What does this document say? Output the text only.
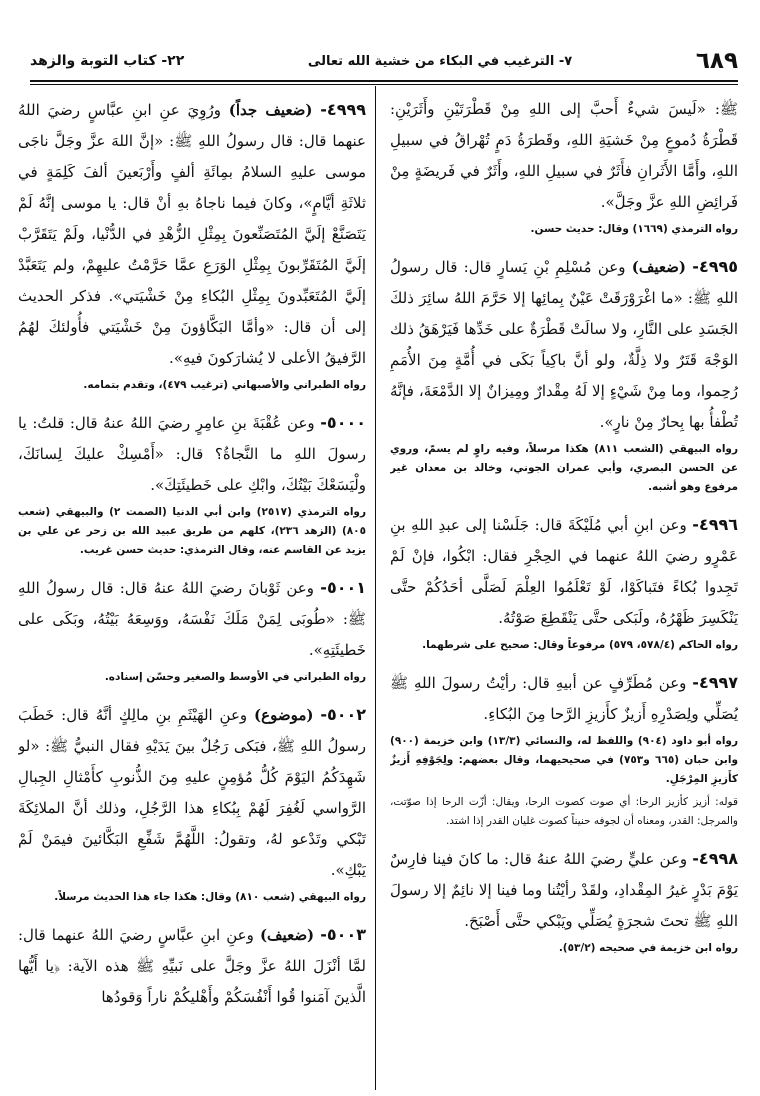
٦٨٩
٧- الترغيب في البكاء من خشية الله تعالى
٢٢- كتاب التوبة والزهد

ﷺ: «لَيسَ شيءٌ أَحبَّ إلى اللهِ مِنْ قَطْرَتَيْنِ وأَثَرَيْنِ: قَطْرَةُ دُموعٍ مِنْ خَشيَةِ اللهِ، وقَطرَةُ دَمٍ تُهْراقُ في سبيلِ اللهِ، وأَمَّا الأَثَرانِ فأَثَرٌ في سبيلِ اللهِ، وأَثَرٌ في فَريضَةٍ مِنْ فَرائِضِ اللهِ عزَّ وجَلَّ».

رواه الترمذي (١٦٦٩) وقال: حديث حسن.

٤٩٩٥- (ضعيف) وعن مُسْلِمِ بْنِ يَسارٍ قال: قال رسولُ اللهِ ﷺ: «ما اغْرَوْرَقَتْ عَيْنٌ بِمائِها إلا حَرَّمَ اللهُ سائِرَ ذلكَ الجَسَدِ على النَّارِ، ولا سالَتْ قَطْرَةٌ على خَدِّها فَيَرْهَقُ ذلك الوَجْهَ قَتَرٌ ولا ذِلَّةٌ، ولو أنَّ باكِياً بَكَى في أُمَّةٍ مِنَ الأُمَمِ رُحِموا، وما مِنْ شَيْءٍ إلا لَهُ مِقْدارٌ ومِيزانٌ إلا الدَّمْعَةَ، فإنَّهُ تُطْفأُ بها بِحارٌ مِنْ نارٍ».

رواه البيهقي (الشعب ٨١١) هكذا مرسلاً، وفيه راوٍ لم يسمّ، وروي عن الحسن البصري، وأبي عمران الجوني، وخالد بن معدان غير مرفوع وهو أشبه.

٤٩٩٦- وعن ابنِ أبي مُلَيْكَةَ قال: جَلَسْنا إلى عبدِ اللهِ بنِ عَمْرٍو رضيَ اللهُ عنهما في الحِجْرِ فقال: ابْكُوا، فإنْ لَمْ تَجِدوا بُكاءً فتَباكَوْا، لَوْ تَعْلَمُوا العِلْمَ لَصَلَّى أحَدُكُمْ حتَّى يَنْكَسِرَ ظَهْرُهُ، ولَبَكى حتَّى يَنْقَطِعَ صَوْتُهُ.

رواه الحاكم (٥٧٨/٤، ٥٧٩) مرفوعاً وقال: صحيح على شرطهما.

٤٩٩٧- وعن مُطَرِّفٍ عن أبيهِ قال: رأيْتُ رسولَ اللهِ ﷺ يُصَلِّي ولِصَدْرِهِ أَزيزٌ كأَزيزِ الرَّحا مِنَ البُكاءِ.

رواه أبو داود (٩٠٤) واللفظ له، والنسائي (١٣/٣) وابن خزيمة (٩٠٠) وابن حبان (٦٦٥ و٧٥٣) في صحيحيهما، وقال بعضهم: ولِجَوْفِهِ أَزيزٌ كأَزيزِ المِرْجَلِ.

قوله: أزيز كأزيز الرحا: أي صوت كصوت الرحا، ويقال: أزّت الرحا إذا صوّتت، والمرجل: القدر، ومعناه أن لجوفه حنيناً كصوت غليان القدر إذا اشتد.

٤٩٩٨- وعن عليٍّ رضيَ اللهُ عنهُ قال: ما كانَ فينا فارِسٌ يَوْمَ بَدْرٍ غيرُ المِقْدادِ، ولقَدْ رأيْتُنا وما فينا إلا نائِمٌ إلا رسولَ اللهِ ﷺ تحتَ شجرَةٍ يُصَلِّي ويَبْكي حتَّى أَصْبَحَ.

رواه ابن خزيمة في صحيحه (٥٣/٢).

٤٩٩٩- (ضعيف جداً) ورُوِيَ عنِ ابنِ عبَّاسٍ رضيَ اللهُ عنهما قال: قال رسولُ اللهِ ﷺ: «إنَّ اللهَ عزَّ وجَلَّ ناجَى موسى عليهِ السلامُ بمِائَةِ ألفٍ وأَرْبَعينَ ألفَ كَلِمَةٍ في ثلاثَةِ أيَّامٍ»، وكانَ فيما ناجاهُ بهِ أنْ قال: يا موسى إنَّهُ لَمْ يَتَصَنَّعْ إلَيَّ المُتَصَنِّعونَ بِمِثْلِ الزُّهْدِ في الدُّنْيا، ولَمْ يَتَقَرَّبْ إلَيَّ المُتَقَرِّبونَ بِمِثْلِ الوَرَعِ عمَّا حَرَّمْتُ عليهِمْ، ولم يَتَعَبَّدْ إلَيَّ المُتَعَبِّدونَ بِمِثْلِ البُكاءِ مِنْ خَشْيَتي». فذكر الحديث إلى أن قال: «وأمَّا البَكَّاؤونَ مِنْ خَشْيَتي فأُولئكَ لهُمُ الرَّفيقُ الأعلى لا يُشارَكونَ فيهِ».

رواه الطبراني والأصبهاني (ترغيب ٤٧٩)، وتقدم بتمامه.

٥٠٠٠- وعن عُقْبَةَ بنِ عامِرٍ رضيَ اللهُ عنهُ قال: قلتُ: يا رسولَ اللهِ ما النَّجاةُ؟ قال: «أَمْسِكْ عليكَ لِسانَكَ، ولْيَسَعْكَ بَيْتُكَ، وابْكِ على خَطيئَتِكَ».

رواه الترمذي (٢٥١٧) وابن أبي الدنيا (الصمت ٢) والبيهقي (شعب ٨٠٥) (الزهد ٢٣٦)، كلهم من طريق عبيد الله بن زحر عن علي بن يزيد عن القاسم عنه، وقال الترمذي: حديث حسن غريب.

٥٠٠١- وعن ثَوْبانَ رضيَ اللهُ عنهُ قال: قال رسولُ اللهِ ﷺ: «طُوبَى لِمَنْ مَلَكَ نَفْسَهُ، ووَسِعَهُ بَيْتُهُ، وبَكَى على خَطيئَتِهِ».

رواه الطبراني في الأوسط والصغير وحسّن إسناده.

٥٠٠٢- (موضوع) وعنِ الهَيْثَمِ بنِ مالِكٍ أنَّهُ قال: خَطَبَ رسولُ اللهِ ﷺ، فبَكى رَجُلٌ بينَ يَدَيْهِ فقال النبيُّ ﷺ: «لو شَهِدَكُمُ اليَوْمَ كُلُّ مُؤمِنٍ عليهِ مِنَ الذُّنوبِ كأَمْثالِ الجِبالِ الرَّواسي لَغُفِرَ لَهُمْ بِبُكاءِ هذا الرَّجُلِ، وذلك أنَّ الملائِكَةَ تَبْكي وتَدْعو لهُ، وتقولُ: اللَّهُمَّ شَفِّعِ البَكَّائينَ فيمَنْ لَمْ يَبْكِ».

رواه البيهقي (شعب ٨١٠) وقال: هكذا جاء هذا الحديث مرسلاً.

٥٠٠٣- (ضعيف) وعنِ ابنِ عبَّاسٍ رضيَ اللهُ عنهما قال: لمَّا أنْزَلَ اللهُ عزَّ وجَلَّ على نَبيِّهِ ﷺ هذه الآية: ﴿يا أَيُّها الَّذينَ آمَنوا قُوا أَنْفُسَكُمْ وأَهْليكُمْ ناراً وَقودُها
